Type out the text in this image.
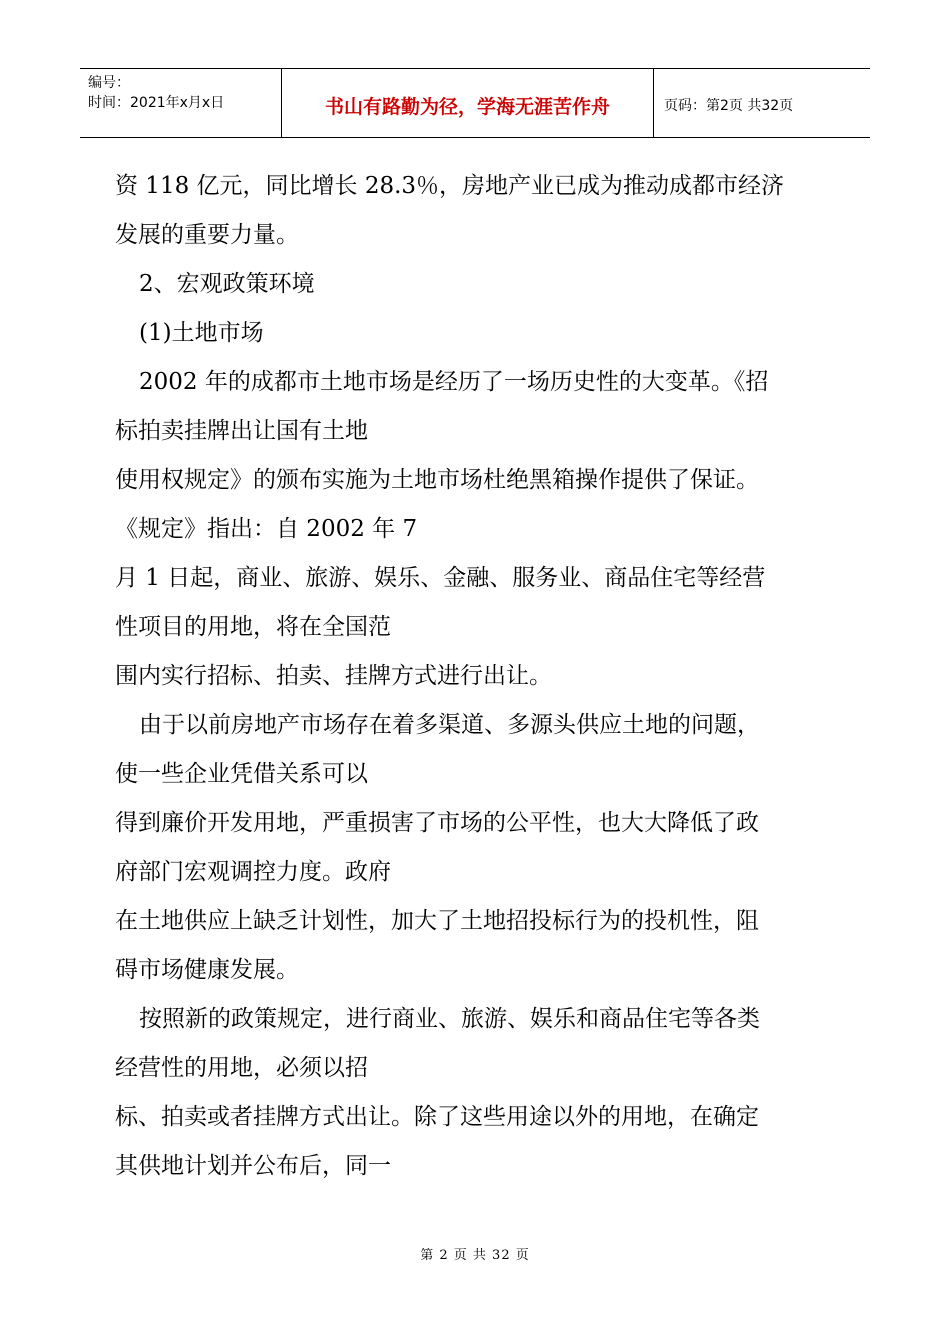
编号：
时间：2021年x月x日	书山有路勤为径，学海无涯苦作舟	页码：第2页 共32页
资 118 亿元，同比增长 28.3％，房地产业已成为推动成都市经济
发展的重要力量。
2、宏观政策环境
(1)土地市场
2002 年的成都市土地市场是经历了一场历史性的大变革。《招
标拍卖挂牌出让国有土地
使用权规定》的颁布实施为土地市场杜绝黑箱操作提供了保证。
《规定》指出：自 2002 年 7
月 1 日起，商业、旅游、娱乐、金融、服务业、商品住宅等经营
性项目的用地，将在全国范
围内实行招标、拍卖、挂牌方式进行出让。
由于以前房地产市场存在着多渠道、多源头供应土地的问题，
使一些企业凭借关系可以
得到廉价开发用地，严重损害了市场的公平性，也大大降低了政
府部门宏观调控力度。政府
在土地供应上缺乏计划性，加大了土地招投标行为的投机性，阻
碍市场健康发展。
按照新的政策规定，进行商业、旅游、娱乐和商品住宅等各类
经营性的用地，必须以招
标、拍卖或者挂牌方式出让。除了这些用途以外的用地，在确定
其供地计划并公布后，同一
第 2 页 共 32 页
